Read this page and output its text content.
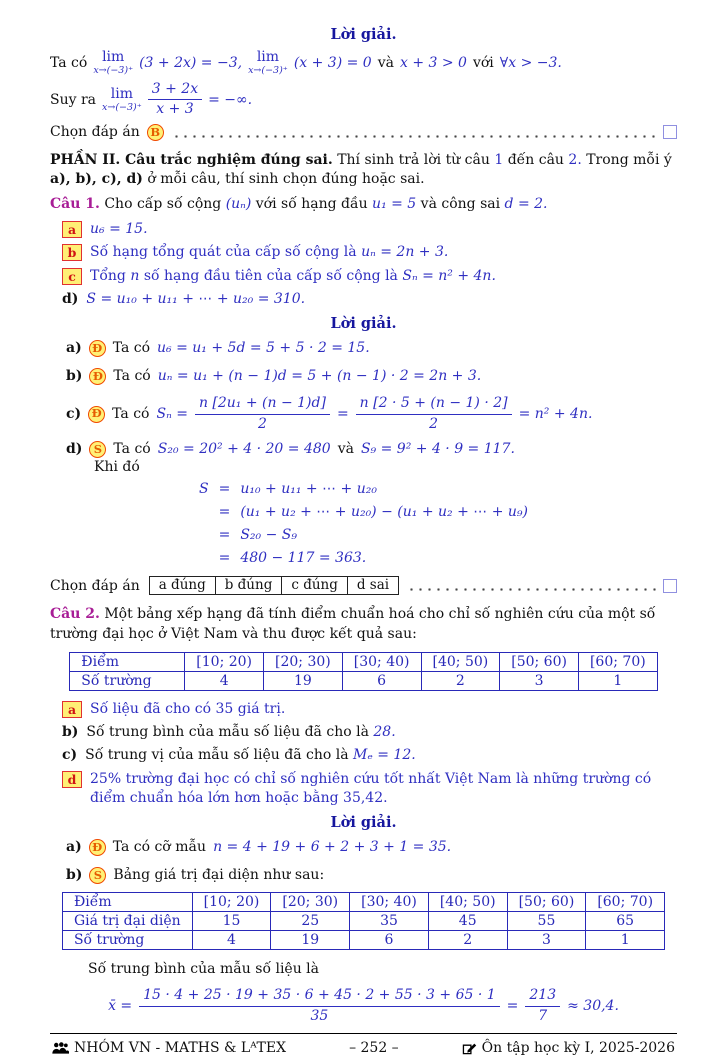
Lời giải.
Ta có lim
x→(−3)⁺ (3 + 2x) = −3, lim
x→(−3)⁺ (x + 3) = 0 và x + 3 > 0 với ∀x > −3.
Suy ra lim
$x\to(-3)^+ \frac{3 + 2x}{x + 3}$ = −∞.
Chọn đáp án B

PHẦN II. Câu trắc nghiệm đúng sai. Thí sinh trả lời từ câu 1 đến câu 2. Trong mỗi ý a), b), c), d) ở mỗi câu, thí sinh chọn đúng hoặc sai.

Câu 1. Cho cấp số cộng (uₙ) với số hạng đầu u₁ = 5 và công sai d = 2.

a u₆ = 15.
b Số hạng tổng quát của cấp số cộng là uₙ = 2n + 3.
c	Tổng n số hạng đầu tiên của cấp số cộng là Sₙ = n² + 4n.
d) S = u₁₀ + u₁₁ + ⋯ + u₂₀ = 310.
Lời giải.
a) Đ Ta có u₆ = u₁ + 5d = 5 + 5 · 2 = 15.
b) Đ Ta có uₙ = u₁ + (n − 1)d = 5 + (n − 1) · 2 = 2n + 3.
c) Đ Ta có $S_n = \frac{\text{n [2u₁ + (n − 1)d]}}{2} = \frac{n [2 \cdot 5 + (n - 1) \cdot 2]}{2} = n^2 + 4n$.
d) S Ta có S₂₀ = 20² + 4 · 20 = 480 và S₉ = 9² + 4 · 9 = 117.
Khi đó
S = u₁₀ + u₁₁ + ⋯ + u₂₀
= (u₁ + u₂ + ⋯ + u₂₀) − (u₁ + u₂ + ⋯ + u₉)
= S₂₀ − S₉
= 480 − 117 = 363.
Chọn đáp án a đúng	b đúng	c đúng	d sai

Câu 2. Một bảng xếp hạng đã tính điểm chuẩn hoá cho chỉ số nghiên cứu của một số trường đại học ở Việt Nam và thu được kết quả sau:

Điểm	[10; 20)	[20; 30)	[30; 40)	[40; 50)	[50; 60)	[60; 70)
Số trường	4	19	6	2	3	1
a Số liệu đã cho có 35 giá trị.
b) Số trung bình của mẫu số liệu đã cho là 28.
c) Số trung vị của mẫu số liệu đã cho là Mₑ = 12.
d 25% trường đại học có chỉ số nghiên cứu tốt nhất Việt Nam là những trường có điểm chuẩn hóa lớn hơn hoặc bằng 35,42.
Lời giải.
a) Đ Ta có cỡ mẫu n = 4 + 19 + 6 + 2 + 3 + 1 = 35.
b) S Bảng giá trị đại diện như sau:
Điểm	[10; 20)	[20; 30)	[30; 40)	[40; 50)	[50; 60)	[60; 70)
Giá trị đại diện	15	25	35	45	55	65
Số trường	4	19	6	2	3	1
Số trung bình của mẫu số liệu là
x̄ = $\frac{15 \cdot 4 + 25 \cdot 19 + 35 \cdot 6 + 45 \cdot 2 + 55 \cdot 3 + 65 \cdot 1}{35} = \frac{213}{7} \approx 30,4$.
NHÓM VN - MATHS & LᴬTEX	– 252 –	Ôn tập học kỳ I, 2025-2026
